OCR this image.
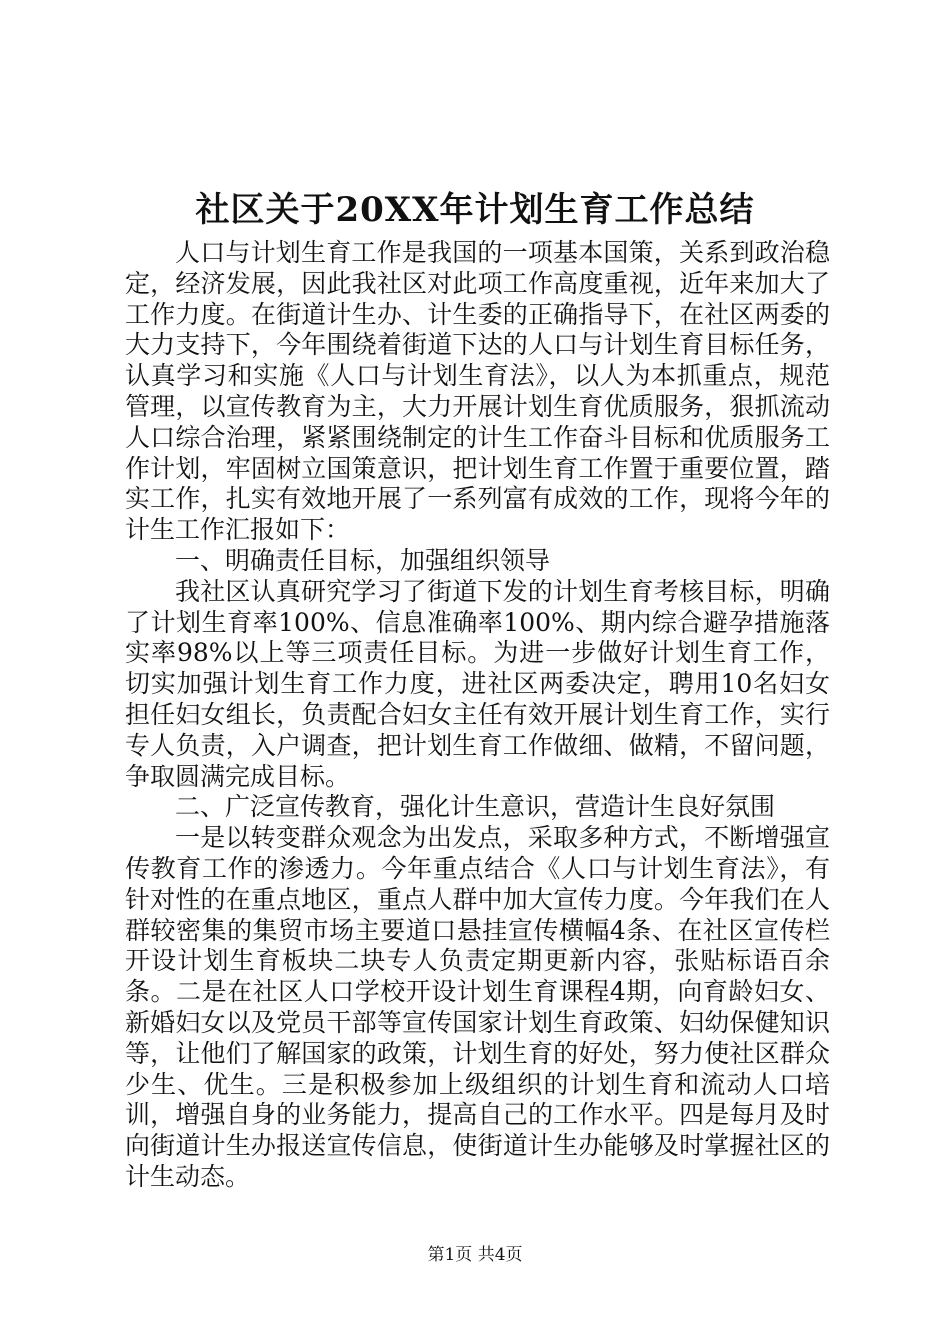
社区关于20XX年计划生育工作总结

人口与计划生育工作是我国的一项基本国策，关系到政治稳定，经济发展，因此我社区对此项工作高度重视，近年来加大了工作力度。在街道计生办、计生委的正确指导下，在社区两委的大力支持下，今年围绕着街道下达的人口与计划生育目标任务，认真学习和实施《人口与计划生育法》，以人为本抓重点，规范管理，以宣传教育为主，大力开展计划生育优质服务，狠抓流动人口综合治理，紧紧围绕制定的计生工作奋斗目标和优质服务工作计划，牢固树立国策意识，把计划生育工作置于重要位置，踏实工作，扎实有效地开展了一系列富有成效的工作，现将今年的计生工作汇报如下：

一、明确责任目标，加强组织领导

我社区认真研究学习了街道下发的计划生育考核目标，明确了计划生育率100%、信息准确率100%、期内综合避孕措施落实率98%以上等三项责任目标。为进一步做好计划生育工作，切实加强计划生育工作力度，进社区两委决定，聘用10名妇女担任妇女组长，负责配合妇女主任有效开展计划生育工作，实行专人负责，入户调查，把计划生育工作做细、做精，不留问题，争取圆满完成目标。

二、广泛宣传教育，强化计生意识，营造计生良好氛围

一是以转变群众观念为出发点，采取多种方式，不断增强宣传教育工作的渗透力。今年重点结合《人口与计划生育法》，有针对性的在重点地区，重点人群中加大宣传力度。今年我们在人群较密集的集贸市场主要道口悬挂宣传横幅4条、在社区宣传栏开设计划生育板块二块专人负责定期更新内容，张贴标语百余条。二是在社区人口学校开设计划生育课程4期，向育龄妇女、新婚妇女以及党员干部等宣传国家计划生育政策、妇幼保健知识等，让他们了解国家的政策，计划生育的好处，努力使社区群众少生、优生。三是积极参加上级组织的计划生育和流动人口培训，增强自身的业务能力，提高自己的工作水平。四是每月及时向街道计生办报送宣传信息，使街道计生办能够及时掌握社区的计生动态。

第1页 共4页
